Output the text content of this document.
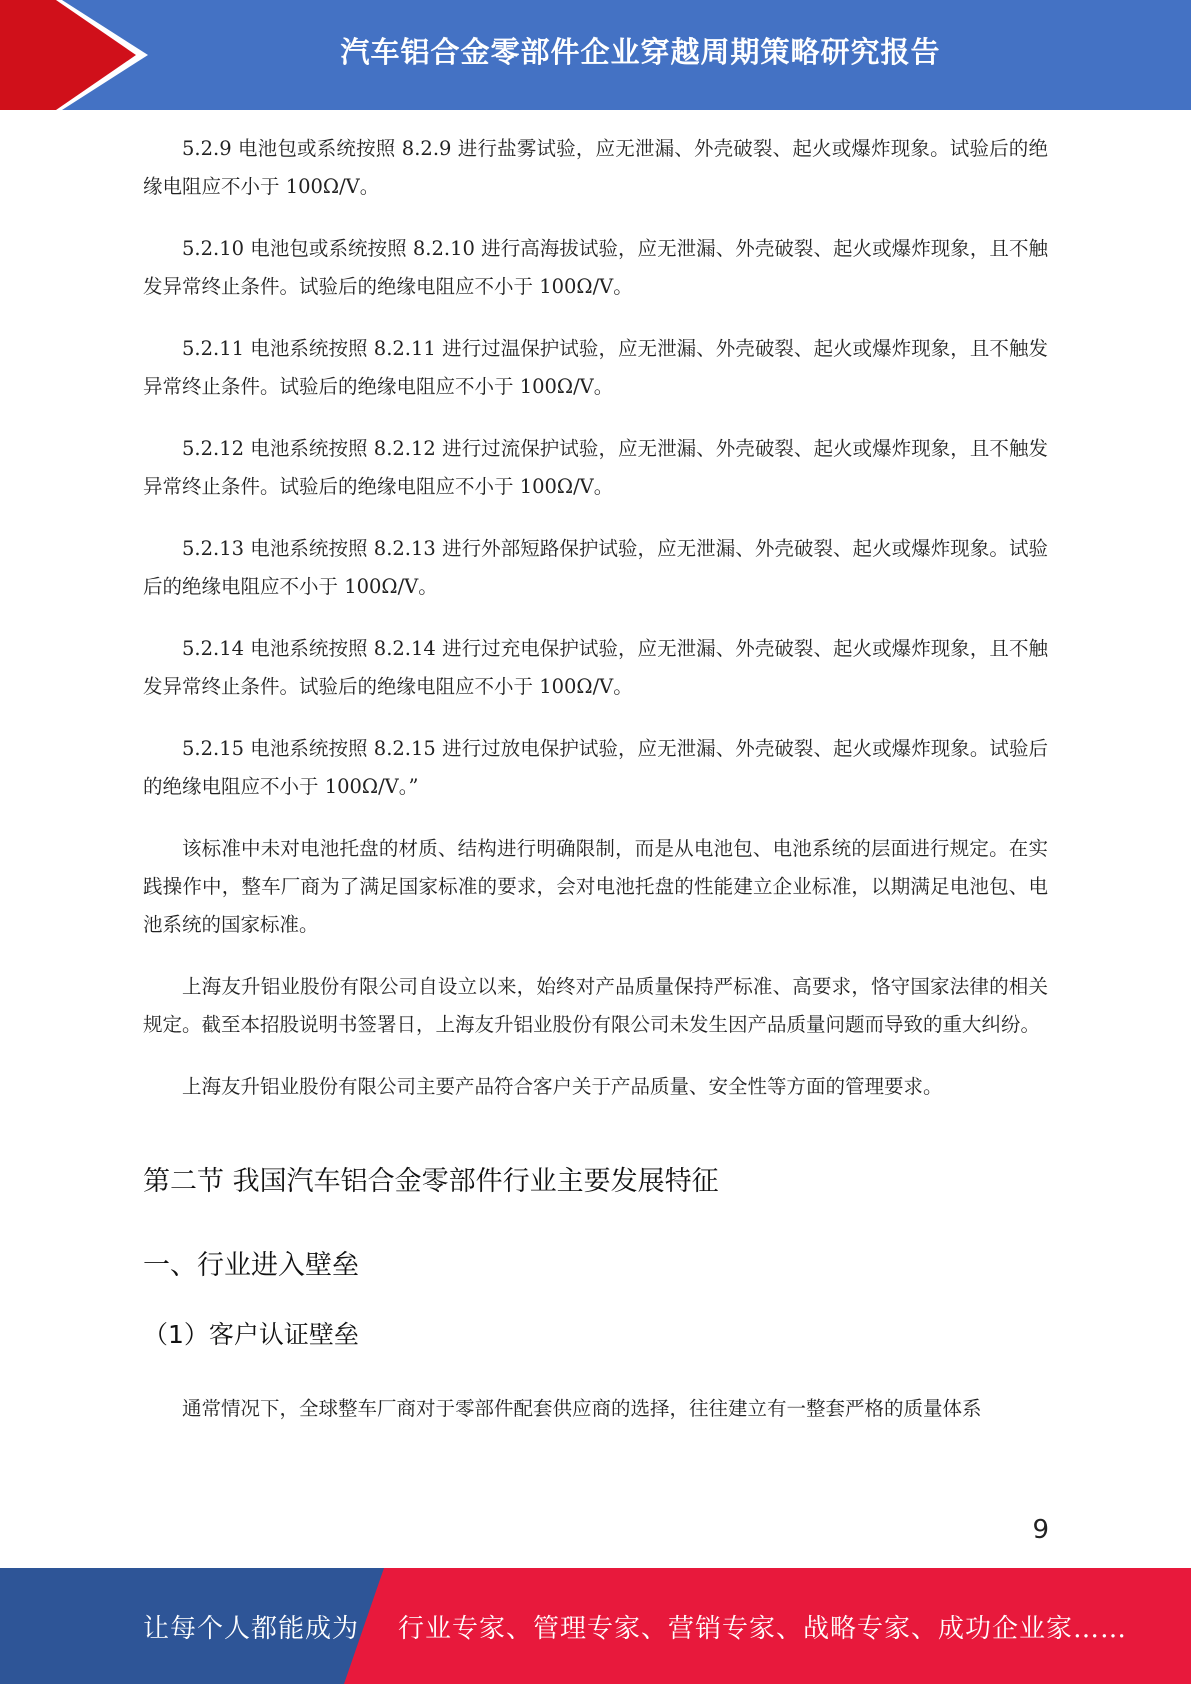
汽车铝合金零部件企业穿越周期策略研究报告

5.2.9 电池包或系统按照 8.2.9 进行盐雾试验，应无泄漏、外壳破裂、起火或爆炸现象。试验后的绝缘电阻应不小于 100Ω/V。

5.2.10 电池包或系统按照 8.2.10 进行高海拔试验，应无泄漏、外壳破裂、起火或爆炸现象，且不触发异常终止条件。试验后的绝缘电阻应不小于 100Ω/V。

5.2.11 电池系统按照 8.2.11 进行过温保护试验，应无泄漏、外壳破裂、起火或爆炸现象，且不触发异常终止条件。试验后的绝缘电阻应不小于 100Ω/V。

5.2.12 电池系统按照 8.2.12 进行过流保护试验，应无泄漏、外壳破裂、起火或爆炸现象，且不触发异常终止条件。试验后的绝缘电阻应不小于 100Ω/V。

5.2.13 电池系统按照 8.2.13 进行外部短路保护试验，应无泄漏、外壳破裂、起火或爆炸现象。试验后的绝缘电阻应不小于 100Ω/V。

5.2.14 电池系统按照 8.2.14 进行过充电保护试验，应无泄漏、外壳破裂、起火或爆炸现象，且不触发异常终止条件。试验后的绝缘电阻应不小于 100Ω/V。

5.2.15 电池系统按照 8.2.15 进行过放电保护试验，应无泄漏、外壳破裂、起火或爆炸现象。试验后的绝缘电阻应不小于 100Ω/V。”

该标准中未对电池托盘的材质、结构进行明确限制，而是从电池包、电池系统的层面进行规定。在实践操作中，整车厂商为了满足国家标准的要求，会对电池托盘的性能建立企业标准，以期满足电池包、电池系统的国家标准。

上海友升铝业股份有限公司自设立以来，始终对产品质量保持严标准、高要求，恪守国家法律的相关规定。截至本招股说明书签署日，上海友升铝业股份有限公司未发生因产品质量问题而导致的重大纠纷。

上海友升铝业股份有限公司主要产品符合客户关于产品质量、安全性等方面的管理要求。

第二节 我国汽车铝合金零部件行业主要发展特征
一、行业进入壁垒
（1）客户认证壁垒

通常情况下，全球整车厂商对于零部件配套供应商的选择，往往建立有一整套严格的质量体系

9
让每个人都能成为 行业专家、管理专家、营销专家、战略专家、成功企业家……
